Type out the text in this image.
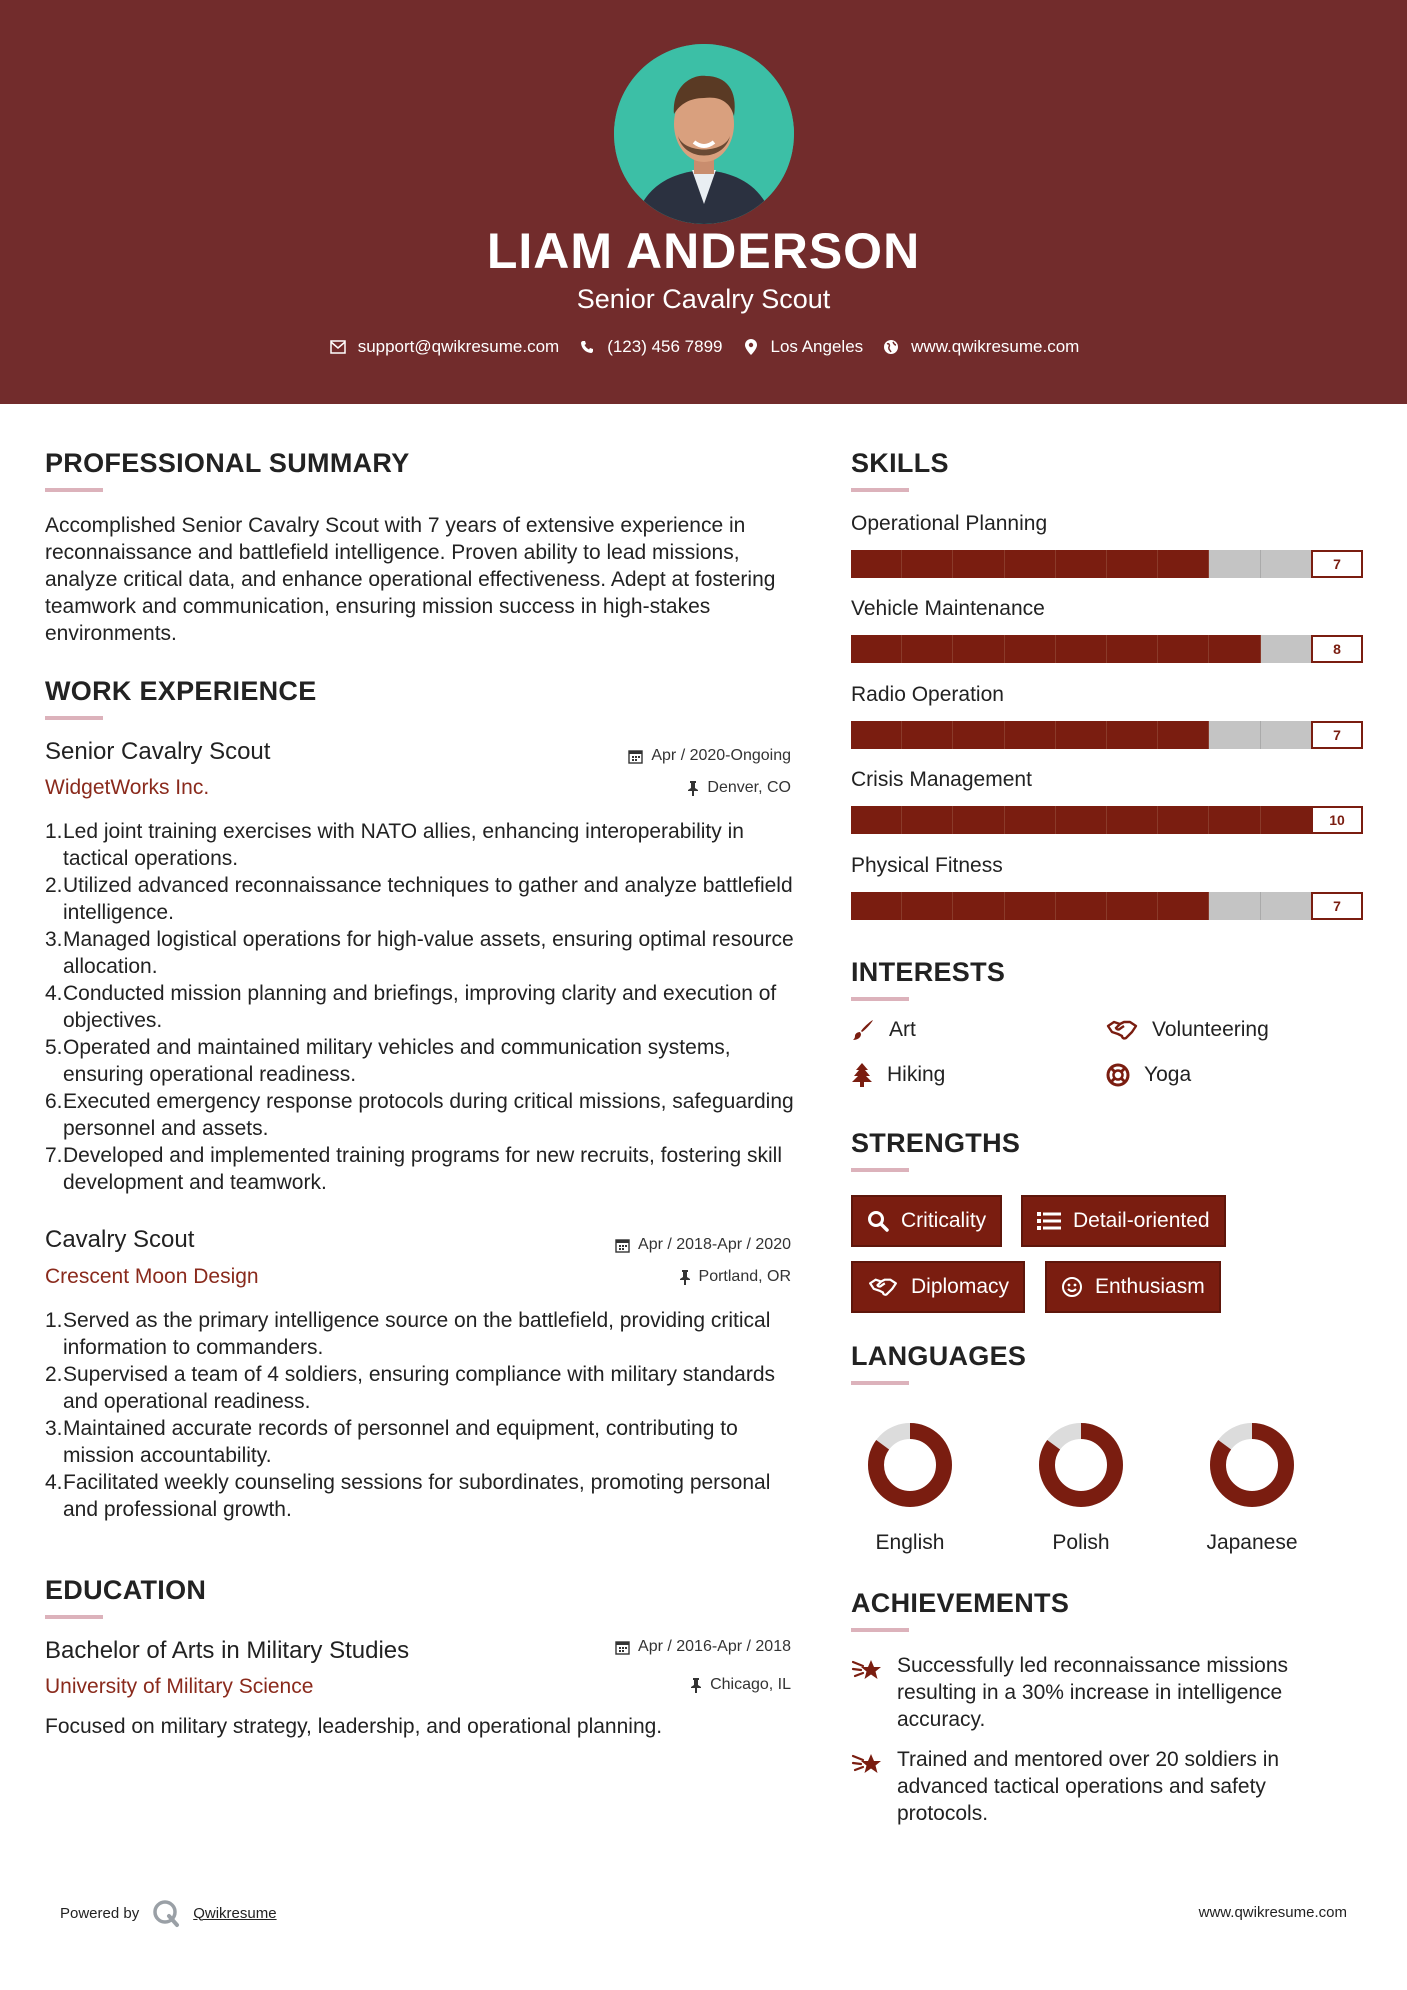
LIAM ANDERSON
Senior Cavalry Scout
support@qwikresume.com	(123) 456 7899	Los Angeles	www.qwikresume.com
PROFESSIONAL SUMMARY
Accomplished Senior Cavalry Scout with 7 years of extensive experience in reconnaissance and battlefield intelligence. Proven ability to lead missions, analyze critical data, and enhance operational effectiveness. Adept at fostering teamwork and communication, ensuring mission success in high-stakes environments.
WORK EXPERIENCE
Senior Cavalry Scout	Apr / 2020-Ongoing
WidgetWorks Inc.	Denver, CO
1. Led joint training exercises with NATO allies, enhancing interoperability in tactical operations.
2. Utilized advanced reconnaissance techniques to gather and analyze battlefield intelligence.
3. Managed logistical operations for high-value assets, ensuring optimal resource allocation.
4. Conducted mission planning and briefings, improving clarity and execution of objectives.
5. Operated and maintained military vehicles and communication systems, ensuring operational readiness.
6. Executed emergency response protocols during critical missions, safeguarding personnel and assets.
7. Developed and implemented training programs for new recruits, fostering skill development and teamwork.
Cavalry Scout	Apr / 2018-Apr / 2020
Crescent Moon Design	Portland, OR
1. Served as the primary intelligence source on the battlefield, providing critical information to commanders.
2. Supervised a team of 4 soldiers, ensuring compliance with military standards and operational readiness.
3. Maintained accurate records of personnel and equipment, contributing to mission accountability.
4. Facilitated weekly counseling sessions for subordinates, promoting personal and professional growth.
EDUCATION
Bachelor of Arts in Military Studies	Apr / 2016-Apr / 2018
University of Military Science	Chicago, IL
Focused on military strategy, leadership, and operational planning.
SKILLS
Operational Planning
7
Vehicle Maintenance
8
Radio Operation
7
Crisis Management
10
Physical Fitness
7
INTERESTS
Art	Volunteering
Hiking	Yoga
STRENGTHS
Criticality	Detail-oriented
Diplomacy	Enthusiasm
LANGUAGES
English	Polish	Japanese
ACHIEVEMENTS
Successfully led reconnaissance missions resulting in a 30% increase in intelligence accuracy.
Trained and mentored over 20 soldiers in advanced tactical operations and safety protocols.
Powered by	Qwikresume	www.qwikresume.com
